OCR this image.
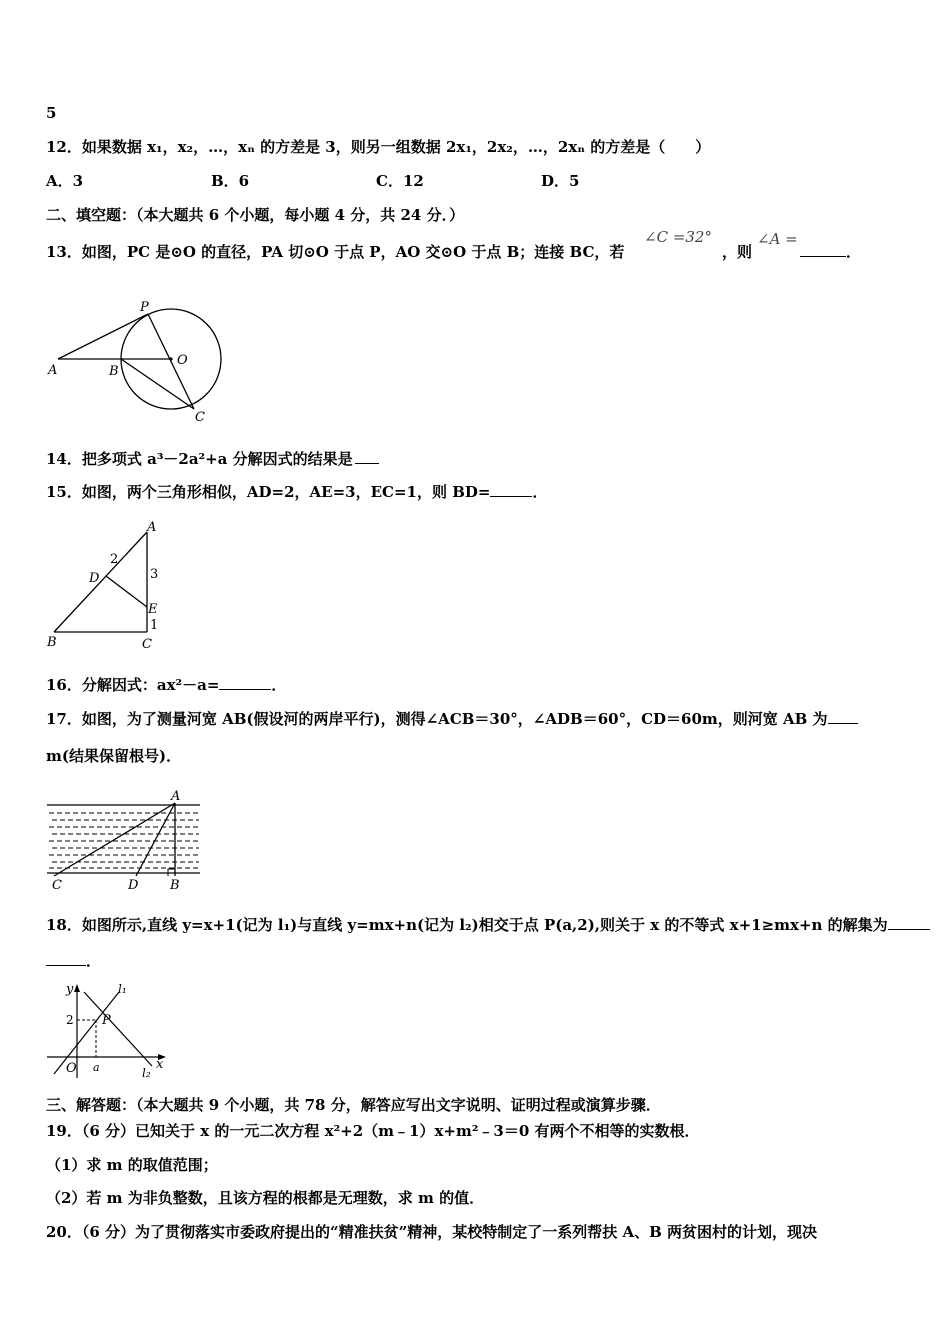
5
12．如果数据 x₁，x₂，…，xₙ 的方差是 3，则另一组数据 2x₁，2x₂，…，2xₙ 的方差是（　　）
A．3	B．6	C．12	D．5
二、填空题：（本大题共 6 个小题，每小题 4 分，共 24 分．）
13．如图，PC 是⊙O 的直径，PA 切⊙O 于点 P，AO 交⊙O 于点 B；连接 BC，若
∠C =32°
，则
∠A =
．
A	B
O
P
C
14．把多项式 a³－2a²+a 分解因式的结果是
15．如图，两个三角形相似，AD=2，AE=3，EC=1，则 BD=	．
A
B	C
D
E
2
3
1
16．分解因式：ax²－a=	．
17．如图，为了测量河宽 AB(假设河的两岸平行)，测得∠ACB＝30°，∠ADB＝60°，CD＝60m，则河宽 AB 为
m(结果保留根号)．
A
B
C	D
18．如图所示,直线 y=x+1(记为 l₁)与直线 y=mx+n(记为 l₂)相交于点 P(a,2),则关于 x 的不等式 x+1≥mx+n 的解集为
．
y
x
O a
2 P
l₁
l₂
三、解答题：（本大题共 9 个小题，共 78 分，解答应写出文字说明、证明过程或演算步骤．
19．（6 分）已知关于 x 的一元二次方程 x²+2（m﹣1）x+m²﹣3＝0 有两个不相等的实数根．
（1）求 m 的取值范围；
（2）若 m 为非负整数，且该方程的根都是无理数，求 m 的值．
20．（6 分）为了贯彻落实市委政府提出的“精准扶贫”精神，某校特制定了一系列帮扶 A、B 两贫困村的计划，现决
